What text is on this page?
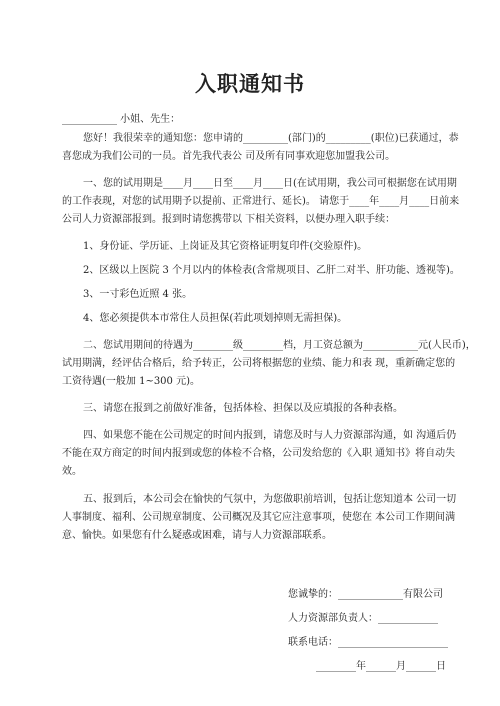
入职通知书
___________ 小姐、先生：
您好！我很荣幸的通知您：您申请的_________(部门)的_________(职位)已获通过，恭
喜您成为我们公司的一员。首先我代表公 司及所有同事欢迎您加盟我公司。
一、您的试用期是____月____日至____月____日(在试用期，我公司可根据您在试用期
的工作表现，对您的试用期予以提前、正常进行、延长)。 请您于____年____月____日前来
公司人力资源部报到。报到时请您携带以 下相关资料，以便办理入职手续：
1、身份证、学历证、上岗证及其它资格证明复印件(交验原件)。
2、区级以上医院 3 个月以内的体检表(含常规项目、乙肝二对半、肝功能、透视等)。
3、一寸彩色近照 4 张。
4、您必须提供本市常住人员担保(若此项划掉则无需担保)。
二、您试用期间的待遇为________级________档，月工资总额为___________元(人民币)，
试用期满，经评估合格后，给予转正，公司将根据您的业绩、能力和表 现，重新确定您的
工资待遇(一般加 1~300 元)。
三、请您在报到之前做好准备，包括体检、担保以及应填报的各种表格。
四、如果您不能在公司规定的时间内报到，请您及时与人力资源部沟通，如 沟通后仍
不能在双方商定的时间内报到或您的体检不合格，公司发给您的《入职 通知书》将自动失
效。
五、报到后，本公司会在愉快的气氛中，为您做职前培训，包括让您知道本 公司一切
人事制度、福利、公司规章制度、公司概况及其它应注意事项，使您在 本公司工作期间满
意、愉快。如果您有什么疑惑或困难，请与人力资源部联系。
您诚挚的：_____________有限公司
人力资源部负责人：____________
联系电话：______________________
________年______月______日
